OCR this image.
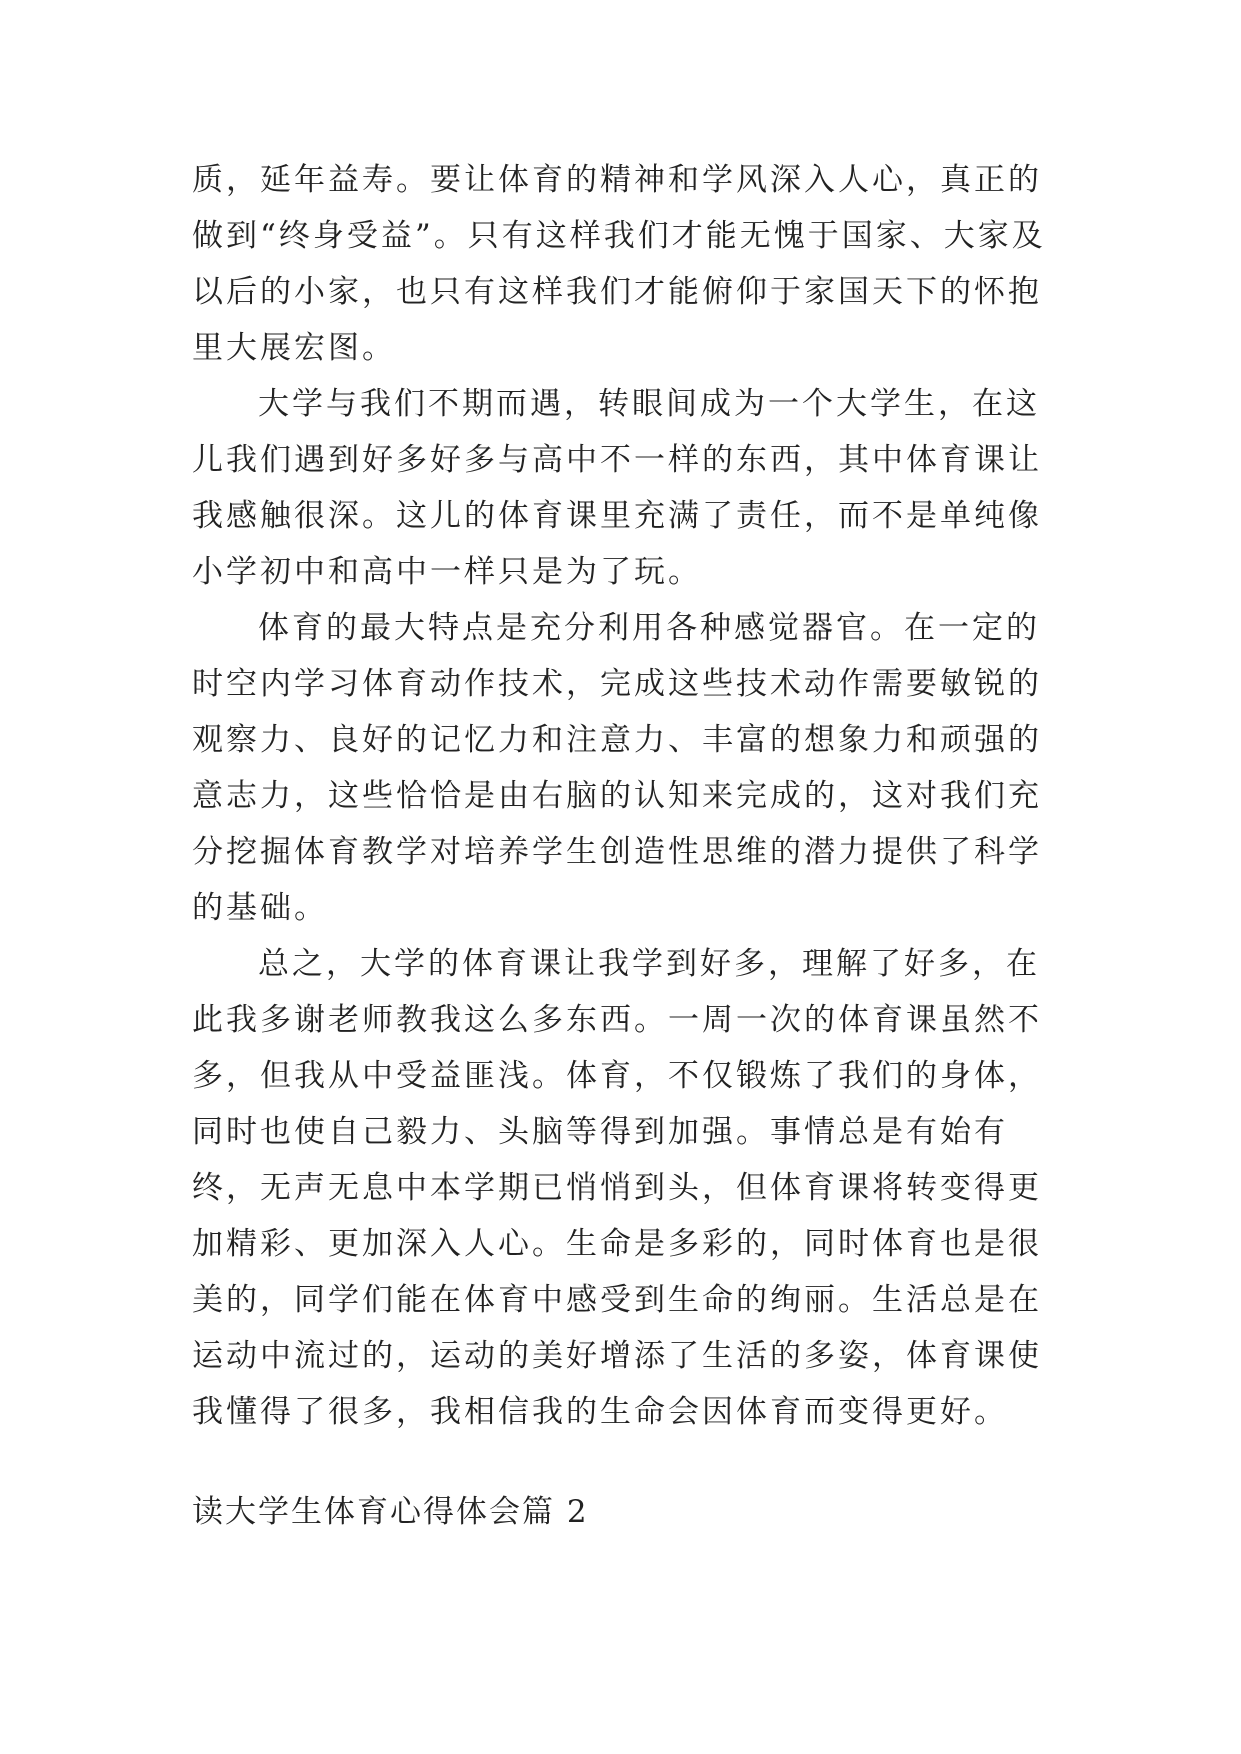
质，延年益寿。要让体育的精神和学风深入人心，真正的做到“终身受益”。只有这样我们才能无愧于国家、大家及以后的小家，也只有这样我们才能俯仰于家国天下的怀抱里大展宏图。

大学与我们不期而遇，转眼间成为一个大学生，在这儿我们遇到好多好多与高中不一样的东西，其中体育课让我感触很深。这儿的体育课里充满了责任，而不是单纯像小学初中和高中一样只是为了玩。

体育的最大特点是充分利用各种感觉器官。在一定的时空内学习体育动作技术，完成这些技术动作需要敏锐的观察力、良好的记忆力和注意力、丰富的想象力和顽强的意志力，这些恰恰是由右脑的认知来完成的，这对我们充分挖掘体育教学对培养学生创造性思维的潜力提供了科学的基础。

总之，大学的体育课让我学到好多，理解了好多，在此我多谢老师教我这么多东西。一周一次的体育课虽然不多，但我从中受益匪浅。体育，不仅锻炼了我们的身体，同时也使自己毅力、头脑等得到加强。事情总是有始有终，无声无息中本学期已悄悄到头，但体育课将转变得更加精彩、更加深入人心。生命是多彩的，同时体育也是很美的，同学们能在体育中感受到生命的绚丽。生活总是在运动中流过的，运动的美好增添了生活的多姿，体育课使我懂得了很多，我相信我的生命会因体育而变得更好。

读大学生体育心得体会篇 2
